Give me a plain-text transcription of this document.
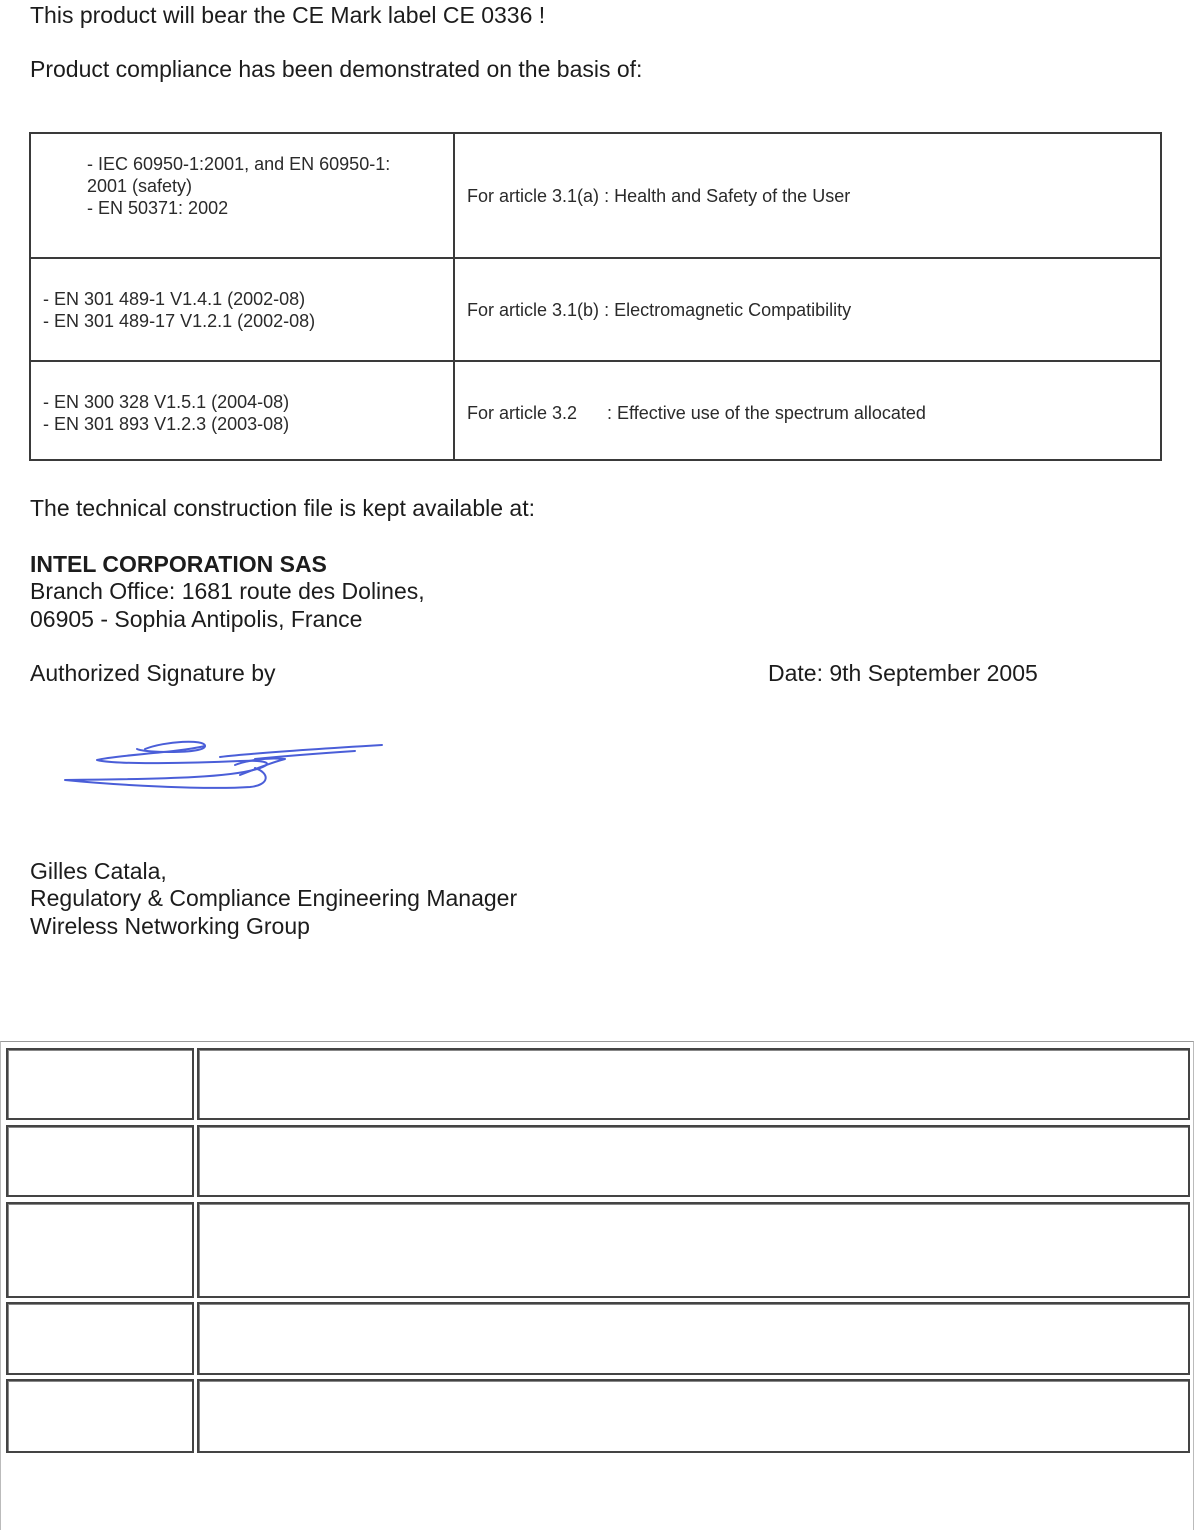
This product will bear the CE Mark label CE 0336 !
Product compliance has been demonstrated on the basis of:
- IEC 60950-1:2001, and EN 60950-1:
2001 (safety)
- EN 50371: 2002
For article 3.1(a) : Health and Safety of the User
- EN 301 489-1 V1.4.1 (2002-08)
- EN 301 489-17 V1.2.1 (2002-08)
For article 3.1(b) : Electromagnetic Compatibility
- EN 300 328 V1.5.1 (2004-08)
- EN 301 893 V1.2.3 (2003-08)
For article 3.2 : Effective use of the spectrum allocated
The technical construction file is kept available at:
INTEL CORPORATION SAS
Branch Office: 1681 route des Dolines,
06905 - Sophia Antipolis, France
Authorized Signature by	Date: 9th September 2005
Gilles Catala,
Regulatory & Compliance Engineering Manager
Wireless Networking Group
